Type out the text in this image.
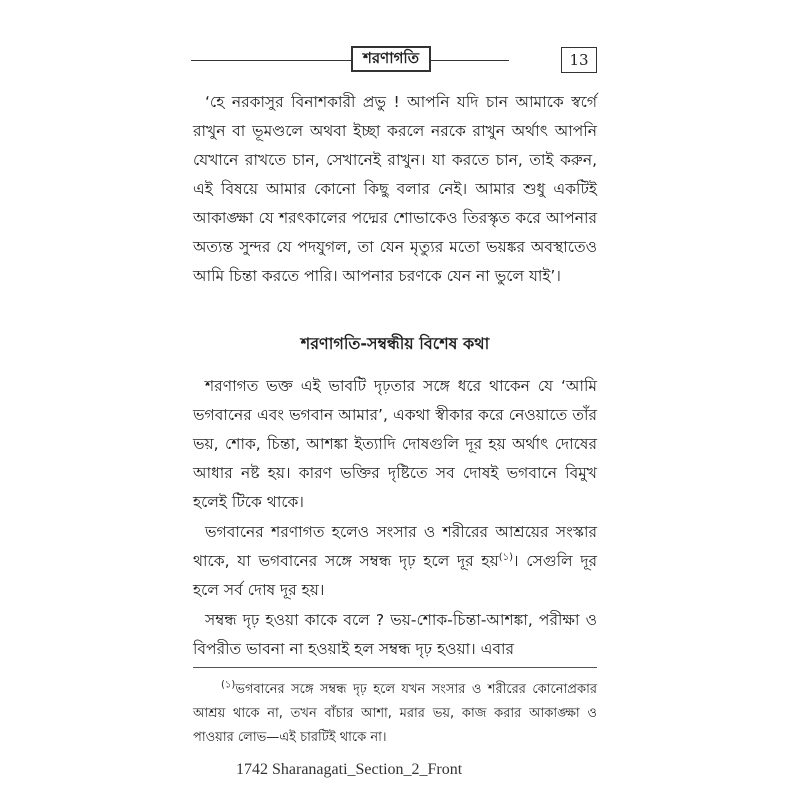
শরণাগতি	13
‘হে নরকাসুর বিনাশকারী প্রভু ! আপনি যদি চান আমাকে স্বর্গে রাখুন বা ভূমণ্ডলে অথবা ইচ্ছা করলে নরকে রাখুন অর্থাৎ আপনি যেখানে রাখতে চান, সেখানেই রাখুন। যা করতে চান, তাই করুন, এই বিষয়ে আমার কোনো কিছু বলার নেই। আমার শুধু একটিই আকাঙ্ক্ষা যে শরৎকালের পদ্মের শোভাকেও তিরস্কৃত করে আপনার অত্যন্ত সুন্দর যে পদযুগল, তা যেন মৃত্যুর মতো ভয়ঙ্কর অবস্থাতেও আমি চিন্তা করতে পারি। আপনার চরণকে যেন না ভুলে যাই’।
শরণাগতি-সম্বন্ধীয় বিশেষ কথা
শরণাগত ভক্ত এই ভাবটি দৃঢ়তার সঙ্গে ধরে থাকেন যে ‘আমি ভগবানের এবং ভগবান আমার’, একথা স্বীকার করে নেওয়াতে তাঁর ভয়, শোক, চিন্তা, আশঙ্কা ইত্যাদি দোষগুলি দূর হয় অর্থাৎ দোষের আধার নষ্ট হয়। কারণ ভক্তির দৃষ্টিতে সব দোষই ভগবানে বিমুখ হলেই টিকে থাকে।
ভগবানের শরণাগত হলেও সংসার ও শরীরের আশ্রয়ের সংস্কার থাকে, যা ভগবানের সঙ্গে সম্বন্ধ দৃঢ় হলে দূর হয়$^{(১)}$। সেগুলি দূর হলে সর্ব দোষ দূর হয়।
সম্বন্ধ দৃঢ় হওয়া কাকে বলে ? ভয়-শোক-চিন্তা-আশঙ্কা, পরীক্ষা ও বিপরীত ভাবনা না হওয়াই হল সম্বন্ধ দৃঢ় হওয়া। এবার
$^{(১)}$ভগবানের সঙ্গে সম্বন্ধ দৃঢ় হলে যখন সংসার ও শরীরের কোনোপ্রকার আশ্রয় থাকে না, তখন বাঁচার আশা, মরার ভয়, কাজ করার আকাঙ্ক্ষা ও পাওয়ার লোভ—এই চারটিই থাকে না।
1742 Sharanagati_Section_2_Front
